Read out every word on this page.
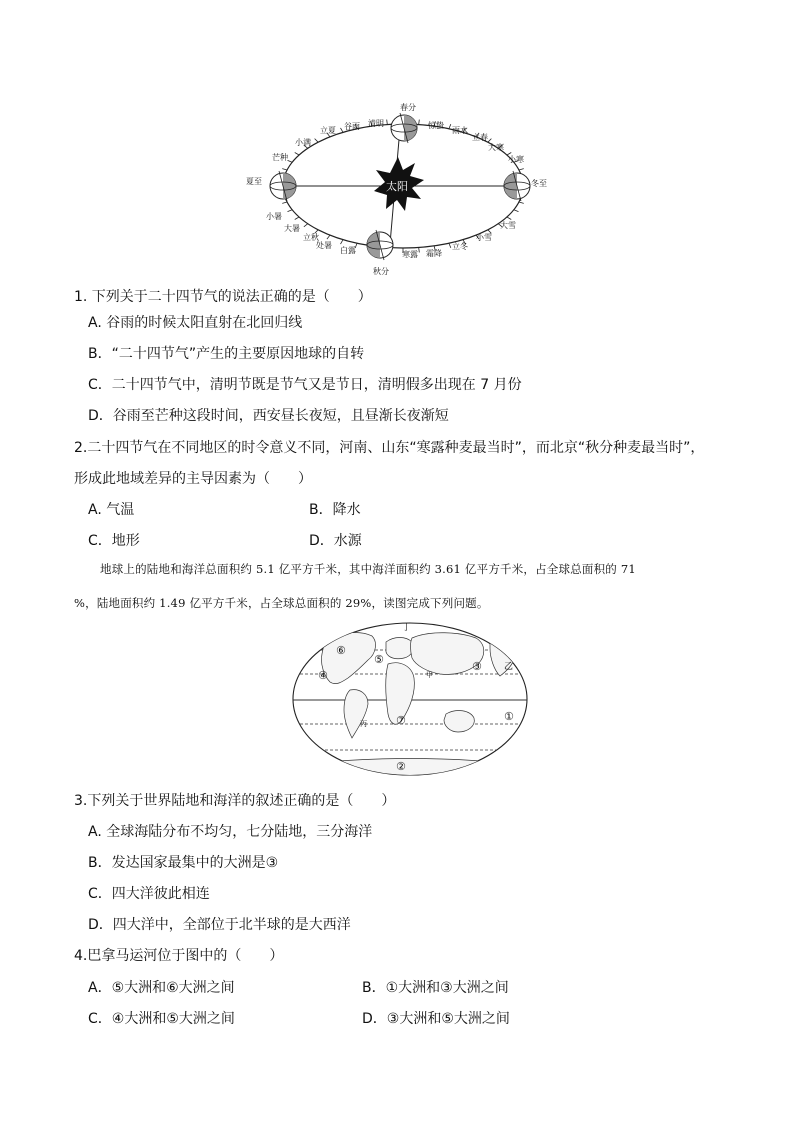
太阳
春分
惊蛰
雨水
立春
大寒
小寒
冬至
大雪
小雪
立冬
霜降
寒露
秋分
白露
处暑
立秋
大暑
小暑
夏至
芒种
小满
立夏 谷雨 清明
1. 下列关于二十四节气的说法正确的是（　　）
A. 谷雨的时候太阳直射在北回归线
B．“二十四节气”产生的主要原因地球的自转
C．二十四节气中，清明节既是节气又是节日，清明假多出现在 7 月份
D．谷雨至芒种这段时间，西安昼长夜短，且昼渐长夜渐短
2.二十四节气在不同地区的时令意义不同，河南、山东“寒露种麦最当时”，而北京“秋分种麦最当时”，
形成此地域差异的主导因素为（　　）
A. 气温	B．降水
C．地形	D．水源
地球上的陆地和海洋总面积约 5.1 亿平方千米，其中海洋面积约 3.61 亿平方千米，占全球总面积的 71
%，陆地面积约 1.49 亿平方千米，占全球总面积的 29%，读图完成下列问题。
丁
乙
甲
丙
①
②
③
④
⑤
⑥
⑦
3.下列关于世界陆地和海洋的叙述正确的是（　　）
A. 全球海陆分布不均匀，七分陆地，三分海洋
B．发达国家最集中的大洲是③
C．四大洋彼此相连
D．四大洋中，全部位于北半球的是大西洋
4.巴拿马运河位于图中的（　　）
A．⑤大洲和⑥大洲之间	B．①大洲和③大洲之间
C．④大洲和⑤大洲之间	D．③大洲和⑤大洲之间
